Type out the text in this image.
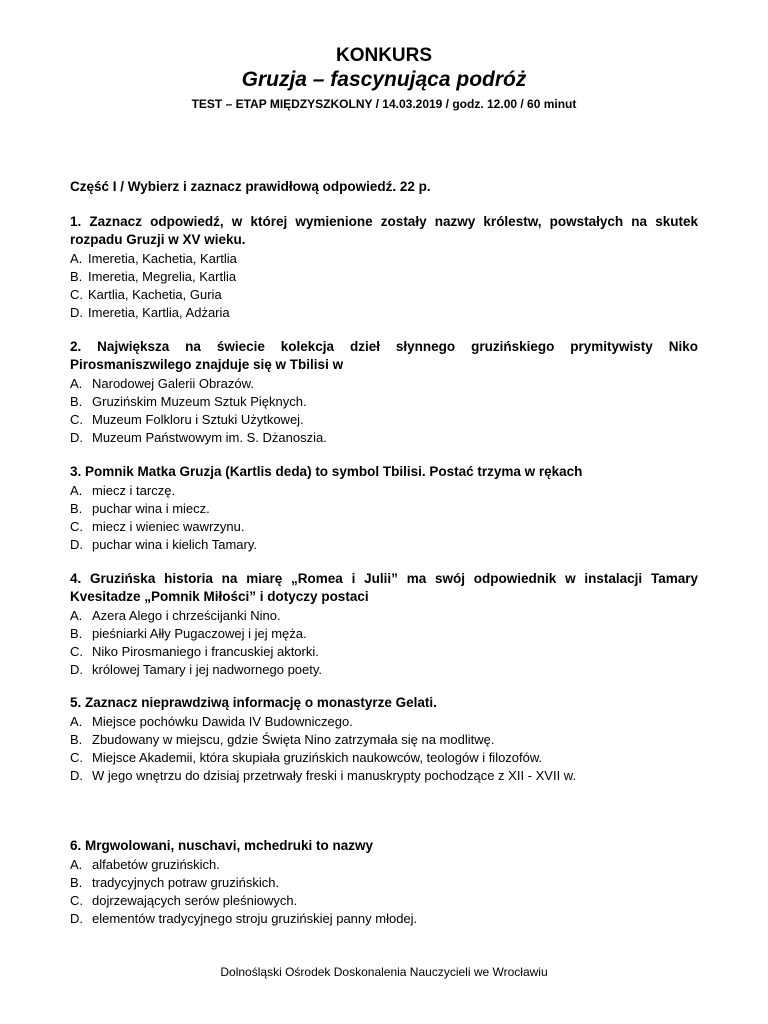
KONKURS
Gruzja – fascynująca podróż
TEST – ETAP MIĘDZYSZKOLNY / 14.03.2019 / godz. 12.00 / 60 minut
Część I / Wybierz i zaznacz prawidłową odpowiedź. 22 p.
1. Zaznacz odpowiedź, w której wymienione zostały nazwy królestw, powstałych na skutek rozpadu Gruzji w XV wieku.
A. Imeretia, Kachetia, Kartlia
B. Imeretia, Megrelia, Kartlia
C. Kartlia, Kachetia, Guria
D. Imeretia, Kartlia, Adżaria
2. Największa na świecie kolekcja dzieł słynnego gruzińskiego prymitywisty Niko Pirosmaniszwilego znajduje się w Tbilisi w
A. Narodowej Galerii Obrazów.
B. Gruzińskim Muzeum Sztuk Pięknych.
C. Muzeum Folkloru i Sztuki Użytkowej.
D. Muzeum Państwowym im. S. Dżanoszia.
3. Pomnik Matka Gruzja (Kartlis deda) to symbol Tbilisi. Postać trzyma w rękach
A. miecz i tarczę.
B. puchar wina i miecz.
C. miecz i wieniec wawrzynu.
D. puchar wina i kielich Tamary.
4. Gruzińska historia na miarę „Romea i Julii” ma swój odpowiednik w instalacji Tamary Kvesitadze „Pomnik Miłości” i dotyczy postaci
A. Azera Alego i chrześcijanki Nino.
B. pieśniarki Ałły Pugaczowej i jej męża.
C. Niko Pirosmaniego i francuskiej aktorki.
D. królowej Tamary i jej nadwornego poety.
5. Zaznacz nieprawdziwą informację o monastyrze Gelati.
A. Miejsce pochówku Dawida IV Budowniczego.
B. Zbudowany w miejscu, gdzie Święta Nino zatrzymała się na modlitwę.
C. Miejsce Akademii, która skupiała gruzińskich naukowców, teologów i filozofów.
D. W jego wnętrzu do dzisiaj przetrwały freski i manuskrypty pochodzące z XII - XVII w.
6. Mrgwolowani, nuschavi, mchedruki to nazwy
A. alfabetów gruzińskich.
B. tradycyjnych potraw gruzińskich.
C. dojrzewających serów pleśniowych.
D. elementów tradycyjnego stroju gruzińskiej panny młodej.
Dolnośląski Ośrodek Doskonalenia Nauczycieli we Wrocławiu
